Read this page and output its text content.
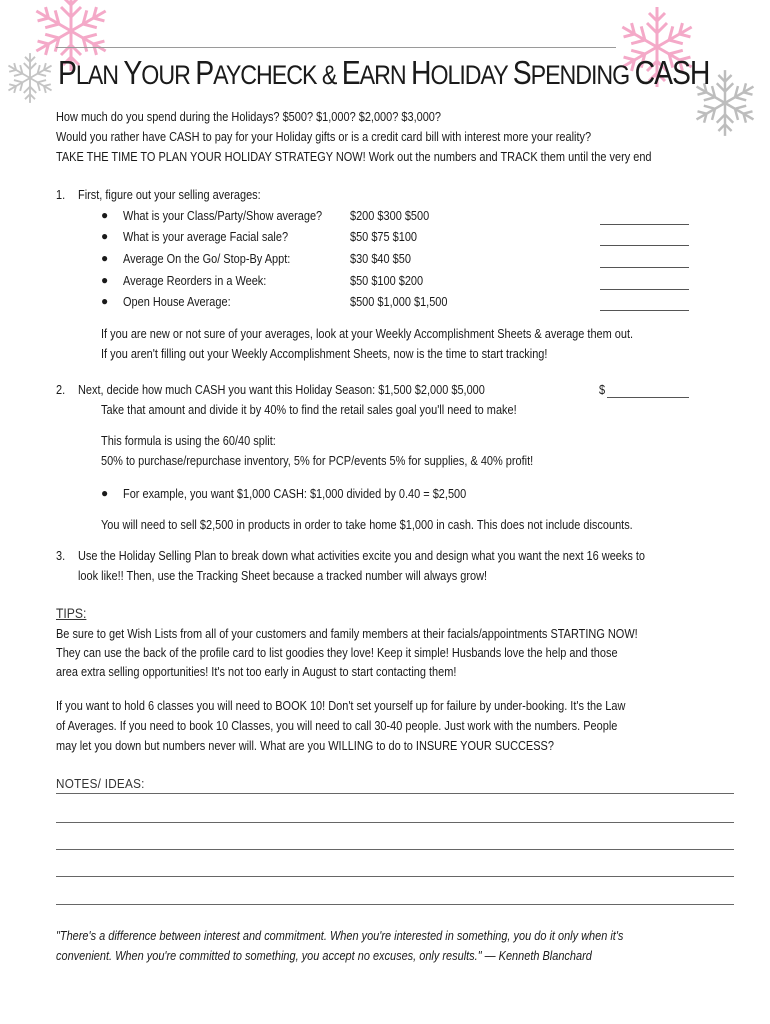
PLAN YOUR PAYCHECK & EARN HOLIDAY SPENDING CASH
How much do you spend during the Holidays? $500? $1,000? $2,000? $3,000?
Would you rather have CASH to pay for your Holiday gifts or is a credit card bill with interest more your reality?
TAKE THE TIME TO PLAN YOUR HOLIDAY STRATEGY NOW! Work out the numbers and TRACK them until the very end
1. First, figure out your selling averages:
● What is your Class/Party/Show average? $200 $300 $500
● What is your average Facial sale?	$50 $75 $100
● Average On the Go/ Stop-By Appt:	$30 $40 $50
● Average Reorders in a Week:	$50 $100 $200
● Open House Average:	$500 $1,000 $1,500
If you are new or not sure of your averages, look at your Weekly Accomplishment Sheets & average them out.
If you aren't filling out your Weekly Accomplishment Sheets, now is the time to start tracking!
2. Next, decide how much CASH you want this Holiday Season: $1,500 $2,000 $5,000	$
Take that amount and divide it by 40% to find the retail sales goal you'll need to make!
This formula is using the 60/40 split:
50% to purchase/repurchase inventory, 5% for PCP/events 5% for supplies, & 40% profit!
● For example, you want $1,000 CASH: $1,000 divided by 0.40 = $2,500
You will need to sell $2,500 in products in order to take home $1,000 in cash. This does not include discounts.
3. Use the Holiday Selling Plan to break down what activities excite you and design what you want the next 16 weeks to
look like!! Then, use the Tracking Sheet because a tracked number will always grow!
TIPS:
Be sure to get Wish Lists from all of your customers and family members at their facials/appointments STARTING NOW!
They can use the back of the profile card to list goodies they love! Keep it simple! Husbands love the help and those
area extra selling opportunities! It's not too early in August to start contacting them!
If you want to hold 6 classes you will need to BOOK 10! Don't set yourself up for failure by under-booking. It's the Law
of Averages. If you need to book 10 Classes, you will need to call 30-40 people. Just work with the numbers. People
may let you down but numbers never will. What are you WILLING to do to INSURE YOUR SUCCESS?
NOTES/ IDEAS:
"There's a difference between interest and commitment. When you're interested in something, you do it only when it's
convenient. When you're committed to something, you accept no excuses, only results." — Kenneth Blanchard
